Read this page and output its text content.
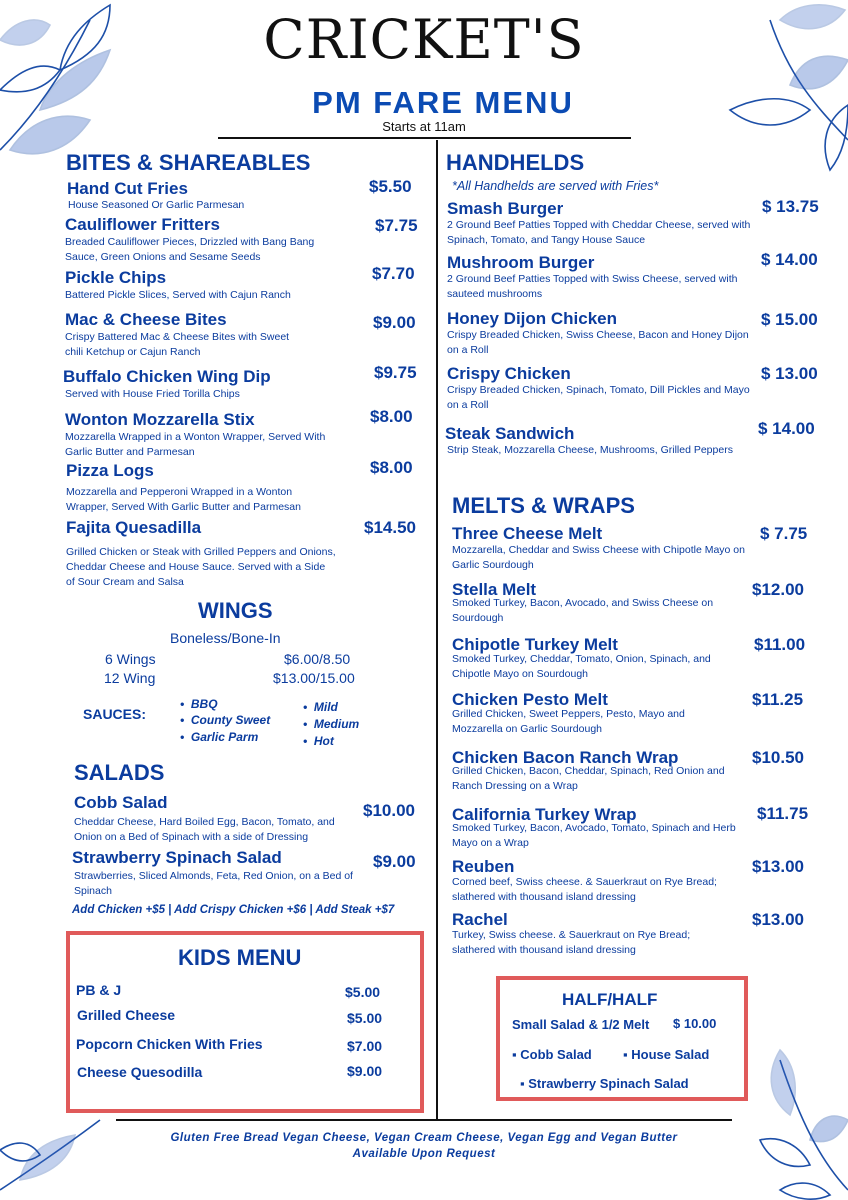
CRICKET'S
PM FARE MENU
Starts at 11am
BITES & SHAREABLES
Hand Cut Fries	$5.50
House Seasoned Or Garlic Parmesan
Cauliflower Fritters	$7.75
Breaded Cauliflower Pieces, Drizzled with Bang Bang Sauce, Green Onions and Sesame Seeds
Pickle Chips	$7.70
Battered Pickle Slices, Served with Cajun Ranch
Mac & Cheese Bites	$9.00
Crispy Battered Mac & Cheese Bites with Sweet chili Ketchup or Cajun Ranch
Buffalo Chicken Wing Dip	$9.75
Served with House Fried Torilla Chips
Wonton Mozzarella Stix	$8.00
Mozzarella Wrapped in a Wonton Wrapper, Served With Garlic Butter and Parmesan
Pizza Logs	$8.00
Mozzarella and Pepperoni Wrapped in a Wonton Wrapper, Served With Garlic Butter and Parmesan
Fajita Quesadilla	$14.50
Grilled Chicken or Steak with Grilled Peppers and Onions, Cheddar Cheese and House Sauce. Served with a Side of Sour Cream and Salsa
WINGS
Boneless/Bone-In
6 Wings	$6.00/8.50
12 Wing	$13.00/15.00
SAUCES:
•  BBQ
•  County Sweet
•  Garlic Parm
•  Mild
•  Medium
•  Hot
SALADS
Cobb Salad	$10.00
Cheddar Cheese, Hard Boiled Egg, Bacon, Tomato, and Onion on a Bed of Spinach with a side of Dressing
Strawberry Spinach Salad	$9.00
Strawberries, Sliced Almonds, Feta, Red Onion, on a Bed of Spinach
Add Chicken +$5 | Add Crispy Chicken +$6 | Add Steak +$7
KIDS MENU
PB & J	$5.00
Grilled Cheese	$5.00
Popcorn Chicken With Fries	$7.00
Cheese Quesodilla	$9.00
HANDHELDS
*All Handhelds are served with Fries*
Smash Burger	$ 13.75
2 Ground Beef Patties Topped with Cheddar Cheese, served with Spinach, Tomato, and Tangy House Sauce
Mushroom Burger	$ 14.00
2 Ground Beef Patties Topped with Swiss Cheese, served with sauteed mushrooms
Honey Dijon Chicken	$ 15.00
Crispy Breaded Chicken, Swiss Cheese, Bacon and Honey Dijon on a Roll
Crispy Chicken	$ 13.00
Crispy Breaded Chicken, Spinach, Tomato, Dill Pickles and Mayo on a Roll
Steak Sandwich	$ 14.00
Strip Steak, Mozzarella Cheese, Mushrooms, Grilled Peppers
MELTS & WRAPS
Three Cheese Melt	$ 7.75
Mozzarella, Cheddar and Swiss Cheese with Chipotle Mayo on Garlic Sourdough
Stella Melt	$12.00
Smoked Turkey, Bacon, Avocado, and Swiss Cheese on Sourdough
Chipotle Turkey Melt	$11.00
Smoked Turkey, Cheddar, Tomato, Onion, Spinach, and Chipotle Mayo on Sourdough
Chicken Pesto Melt	$11.25
Grilled Chicken, Sweet Peppers, Pesto, Mayo and Mozzarella on Garlic Sourdough
Chicken Bacon Ranch Wrap	$10.50
Grilled Chicken, Bacon, Cheddar, Spinach, Red Onion and Ranch Dressing on a Wrap
California Turkey Wrap	$11.75
Smoked Turkey, Bacon, Avocado, Tomato, Spinach and Herb Mayo on a Wrap
Reuben	$13.00
Corned beef, Swiss cheese. & Sauerkraut on Rye Bread; slathered with thousand island dressing
Rachel	$13.00
Turkey, Swiss cheese. & Sauerkraut on Rye Bread; slathered with thousand island dressing
HALF/HALF
Small Salad & 1/2 Melt $ 10.00
▪ Cobb Salad ▪ House Salad
▪ Strawberry Spinach Salad
Gluten Free Bread Vegan Cheese, Vegan Cream Cheese, Vegan Egg and Vegan Butter
Available Upon Request
